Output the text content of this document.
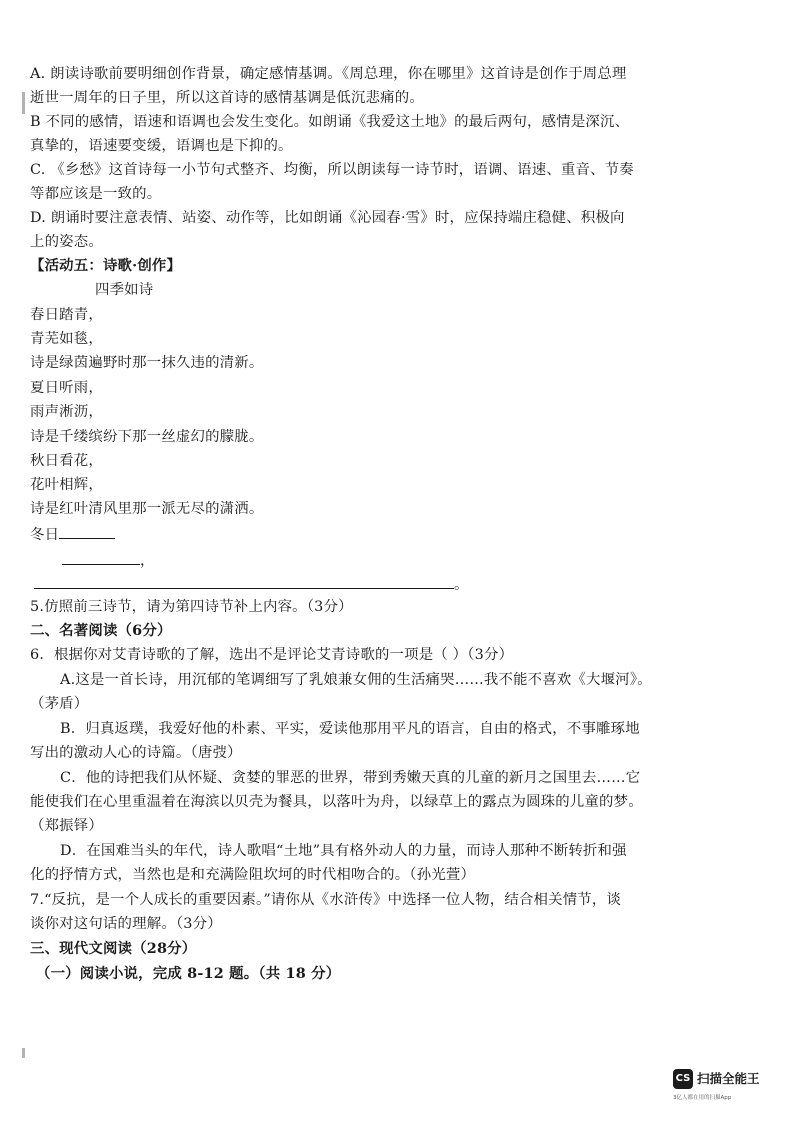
A. 朗读诗歌前要明细创作背景，确定感情基调。《周总理，你在哪里》这首诗是创作于周总理
逝世一周年的日子里，所以这首诗的感情基调是低沉悲痛的。
B 不同的感情，语速和语调也会发生变化。如朗诵《我爱这土地》的最后两句，感情是深沉、
真挚的，语速要变缓，语调也是下抑的。
C. 《乡愁》这首诗每一小节句式整齐、均衡，所以朗读每一诗节时，语调、语速、重音、节奏
等都应该是一致的。
D. 朗诵时要注意表情、站姿、动作等，比如朗诵《沁园春·雪》时，应保持端庄稳健、积极向
上的姿态。
【活动五：诗歌·创作】
四季如诗
春日踏青，
青芜如毯，
诗是绿茵遍野时那一抹久违的清新。
夏日听雨，
雨声淅沥，
诗是千缕缤纷下那一丝虚幻的朦胧。
秋日看花，
花叶相辉，
诗是红叶清风里那一派无尽的潇洒。
冬日
，
。
5.仿照前三诗节，请为第四诗节补上内容。（3分）
二、名著阅读（6分）
6．根据你对艾青诗歌的了解，选出不是评论艾青诗歌的一项是（ ）（3分）
A.这是一首长诗，用沉郁的笔调细写了乳娘兼女佣的生活痛哭……我不能不喜欢《大堰河》。
（茅盾）
B．归真返璞，我爱好他的朴素、平实，爱读他那用平凡的语言，自由的格式，不事雕琢地
写出的激动人心的诗篇。（唐弢）
C．他的诗把我们从怀疑、贪婪的罪恶的世界，带到秀嫩天真的儿童的新月之国里去……它
能使我们在心里重温着在海滨以贝壳为餐具，以落叶为舟，以绿草上的露点为圆珠的儿童的梦。
（郑振铎）
D．在国难当头的年代，诗人歌唱“土地”具有格外动人的力量，而诗人那种不断转折和强
化的抒情方式，当然也是和充满险阻坎坷的时代相吻合的。（孙光萱）
7.“反抗，是一个人成长的重要因素。”请你从《水浒传》中选择一位人物，结合相关情节，谈
谈你对这句话的理解。（3分）
三、现代文阅读（28分）
（一）阅读小说，完成 8-12 题。（共 18 分）
CS 扫描全能王
3亿人都在用的扫描App
